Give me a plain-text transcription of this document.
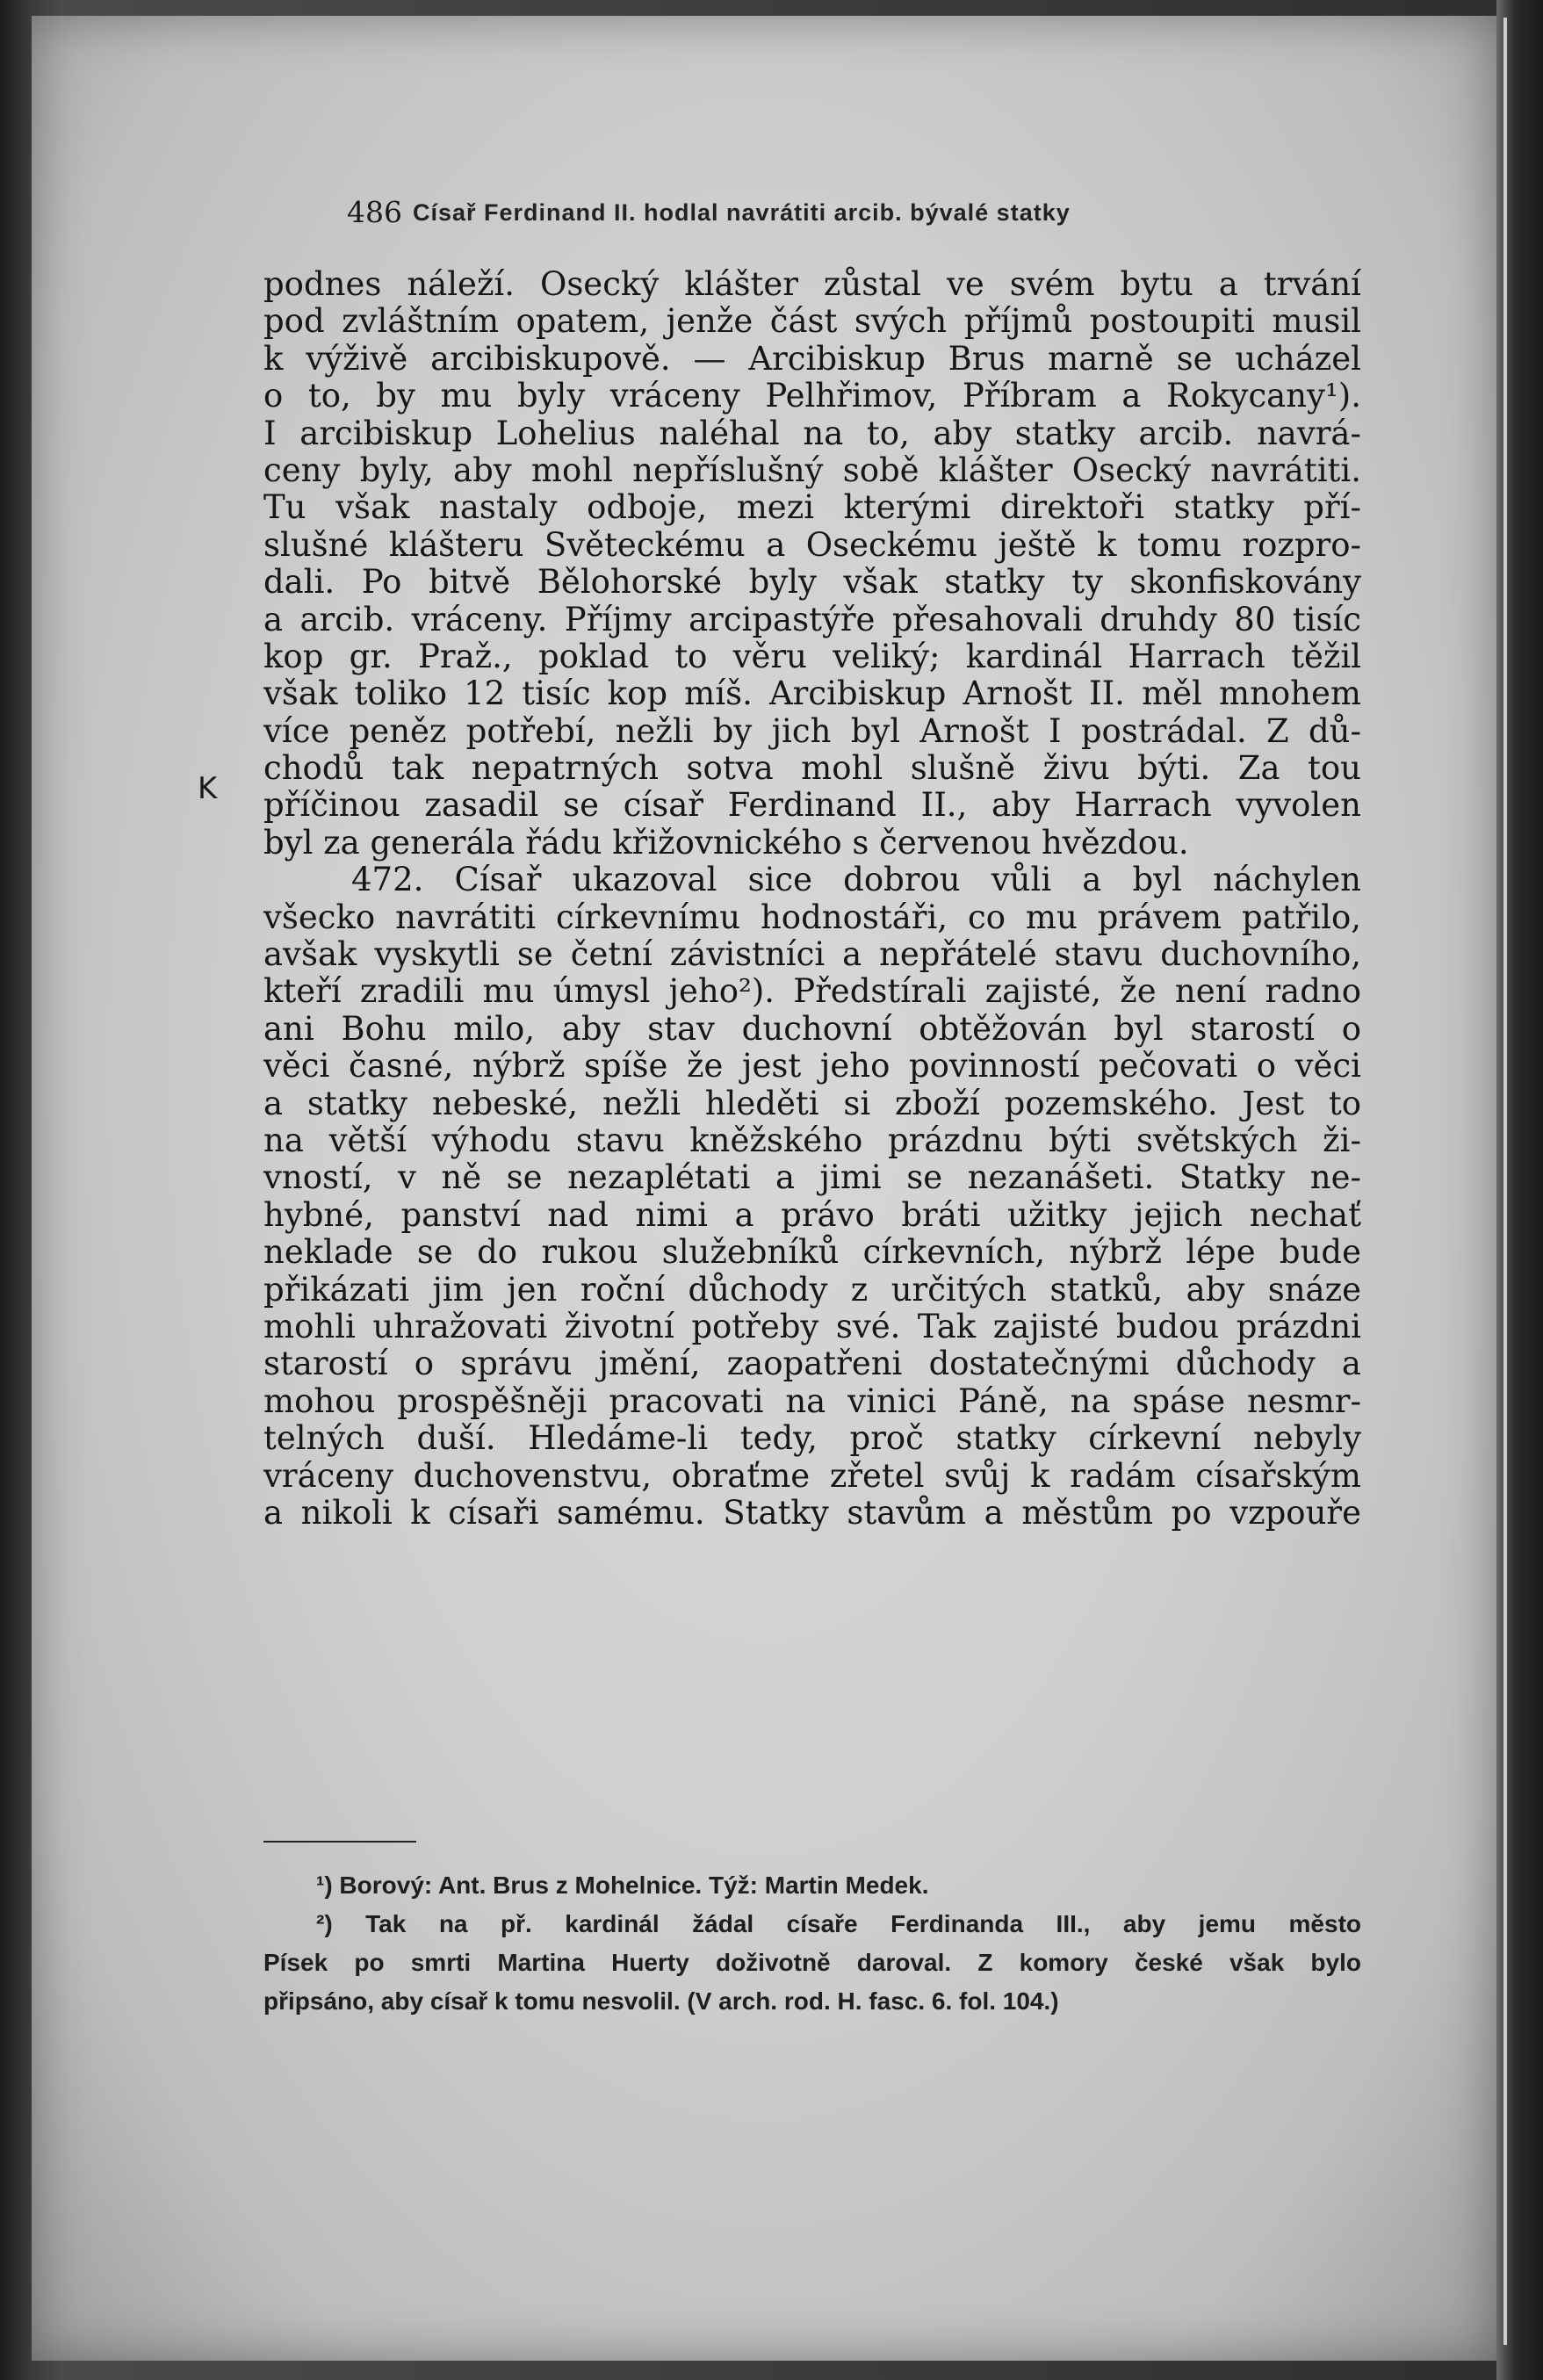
486 Císař Ferdinand II. hodlal navrátiti arcib. bývalé statky
K
podnes náleží. Osecký klášter zůstal ve svém bytu a trvání
pod zvláštním opatem, jenže část svých příjmů postoupiti musil
k výživě arcibiskupově. — Arcibiskup Brus marně se ucházel
o to, by mu byly vráceny Pelhřimov, Příbram a Rokycany¹).
I arcibiskup Lohelius naléhal na to, aby statky arcib. navrá-
ceny byly, aby mohl nepříslušný sobě klášter Osecký navrátiti.
Tu však nastaly odboje, mezi kterými direktoři statky pří-
slušné klášteru Světeckému a Oseckému ještě k tomu rozpro-
dali. Po bitvě Bělohorské byly však statky ty skonfiskovány
a arcib. vráceny. Příjmy arcipastýře přesahovali druhdy 80 tisíc
kop gr. Praž., poklad to věru veliký; kardinál Harrach těžil
však toliko 12 tisíc kop míš. Arcibiskup Arnošt II. měl mnohem
více peněz potřebí, nežli by jich byl Arnošt I postrádal. Z dů-
chodů tak nepatrných sotva mohl slušně živu býti. Za tou
příčinou zasadil se císař Ferdinand II., aby Harrach vyvolen
byl za generála řádu křižovnického s červenou hvězdou.
472. Císař ukazoval sice dobrou vůli a byl náchylen
všecko navrátiti církevnímu hodnostáři, co mu právem patřilo,
avšak vyskytli se četní závistníci a nepřátelé stavu duchovního,
kteří zradili mu úmysl jeho²). Předstírali zajisté, že není radno
ani Bohu milo, aby stav duchovní obtěžován byl starostí o
věci časné, nýbrž spíše že jest jeho povinností pečovati o věci
a statky nebeské, nežli hleděti si zboží pozemského. Jest to
na větší výhodu stavu kněžského prázdnu býti světských ži-
vností, v ně se nezaplétati a jimi se nezanášeti. Statky ne-
hybné, panství nad nimi a právo bráti užitky jejich nechať
neklade se do rukou služebníků církevních, nýbrž lépe bude
přikázati jim jen roční důchody z určitých statků, aby snáze
mohli uhražovati životní potřeby své. Tak zajisté budou prázdni
starostí o správu jmění, zaopatřeni dostatečnými důchody a
mohou prospěšněji pracovati na vinici Páně, na spáse nesmr-
telných duší. Hledáme-li tedy, proč statky církevní nebyly
vráceny duchovenstvu, obraťme zřetel svůj k radám císařským
a nikoli k císaři samému. Statky stavům a městům po vzpouře
¹) Borový: Ant. Brus z Mohelnice. Týž: Martin Medek.
²) Tak na př. kardinál žádal císaře Ferdinanda III., aby jemu město
Písek po smrti Martina Huerty doživotně daroval. Z komory české však bylo
připsáno, aby císař k tomu nesvolil. (V arch. rod. H. fasc. 6. fol. 104.)
